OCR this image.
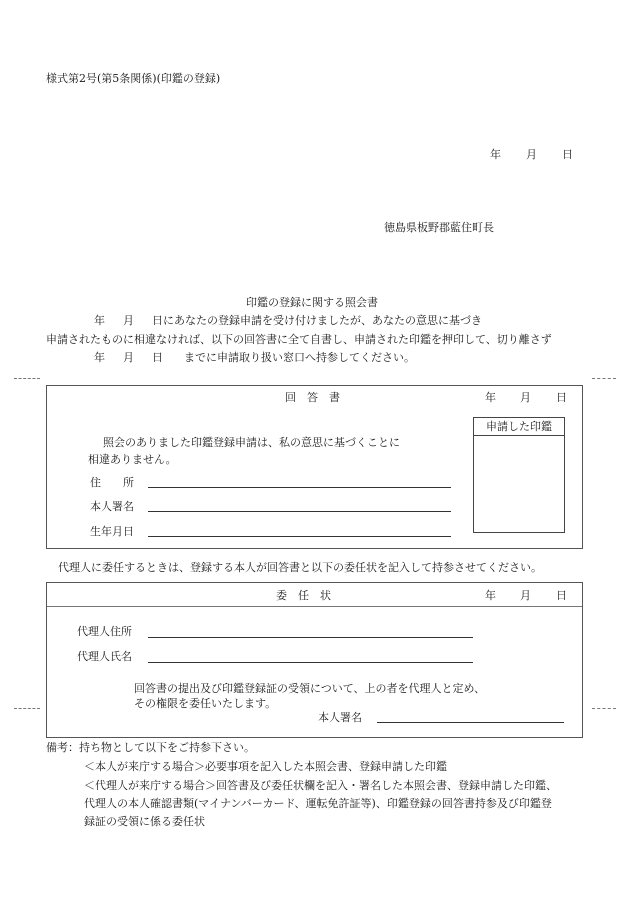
様式第2号(第5条関係)(印鑑の登録)
年 月 日
徳島県板野郡藍住町長
印鑑の登録に関する照会書
年 月 日にあなたの登録申請を受け付けましたが、あなたの意思に基づき
申請されたものに相違なければ、以下の回答書に全て自書し、申請された印鑑を押印して、切り離さず
年 月 日 までに申請取り扱い窓口へ持参してください。
回　答　書	年 月 日
申請した印鑑
照会のありました印鑑登録申請は、私の意思に基づくことに
相違ありません。
住　　所
本人署名
生年月日
代理人に委任するときは、登録する本人が回答書と以下の委任状を記入して持参させてください。
委　任　状	年 月 日
代理人住所
代理人氏名
回答書の提出及び印鑑登録証の受領について、上の者を代理人と定め、
その権限を委任いたします。
本人署名
備考：持ち物として以下をご持参下さい。
＜本人が来庁する場合＞必要事項を記入した本照会書、登録申請した印鑑
＜代理人が来庁する場合＞回答書及び委任状欄を記入・署名した本照会書、登録申請した印鑑、
代理人の本人確認書類(マイナンバーカード、運転免許証等)、印鑑登録の回答書持参及び印鑑登
録証の受領に係る委任状
